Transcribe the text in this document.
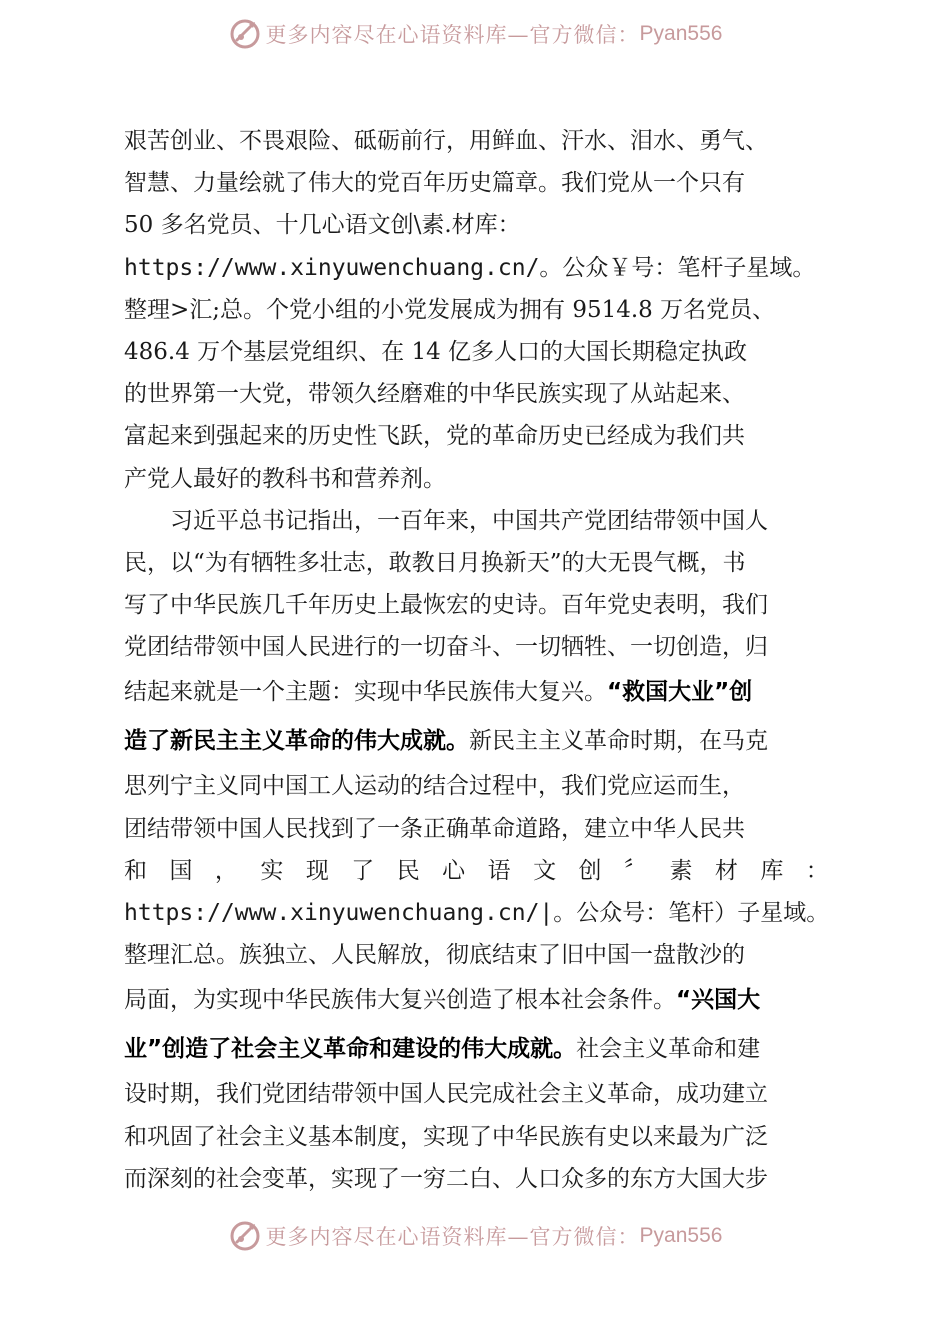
更多内容尽在心语资料库—官方微信： Pyan556
艰苦创业、不畏艰险、砥砺前行，用鲜血、汗水、泪水、勇气、
智慧、力量绘就了伟大的党百年历史篇章。我们党从一个只有
50 多名党员、十几心语文创\素.材库：
https://www.xinyuwenchuang.cn/。公众￥号：笔杆子星域。
整理>汇;总。个党小组的小党发展成为拥有 9514.8 万名党员、
486.4 万个基层党组织、在 14 亿多人口的大国长期稳定执政
的世界第一大党，带领久经磨难的中华民族实现了从站起来、
富起来到强起来的历史性飞跃，党的革命历史已经成为我们共
产党人最好的教科书和营养剂。
习近平总书记指出，一百年来，中国共产党团结带领中国人
民，以“为有牺牲多壮志，敢教日月换新天”的大无畏气概，书
写了中华民族几千年历史上最恢宏的史诗。百年党史表明，我们
党团结带领中国人民进行的一切奋斗、一切牺牲、一切创造，归
结起来就是一个主题：实现中华民族伟大复兴。“救国大业”创
造了新民主主义革命的伟大成就。新民主主义革命时期，在马克
思列宁主义同中国工人运动的结合过程中，我们党应运而生，
团结带领中国人民找到了一条正确革命道路，建立中华人民共
和 国 ， 实 现 了 民 心 语 文 创 〞 素 材 库 ：
https://www.xinyuwenchuang.cn/|。公众号：笔杆）子星域。
整理汇总。族独立、人民解放，彻底结束了旧中国一盘散沙的
局面，为实现中华民族伟大复兴创造了根本社会条件。“兴国大
业”创造了社会主义革命和建设的伟大成就。社会主义革命和建
设时期，我们党团结带领中国人民完成社会主义革命，成功建立
和巩固了社会主义基本制度，实现了中华民族有史以来最为广泛
而深刻的社会变革，实现了一穷二白、人口众多的东方大国大步
更多内容尽在心语资料库—官方微信： Pyan556
